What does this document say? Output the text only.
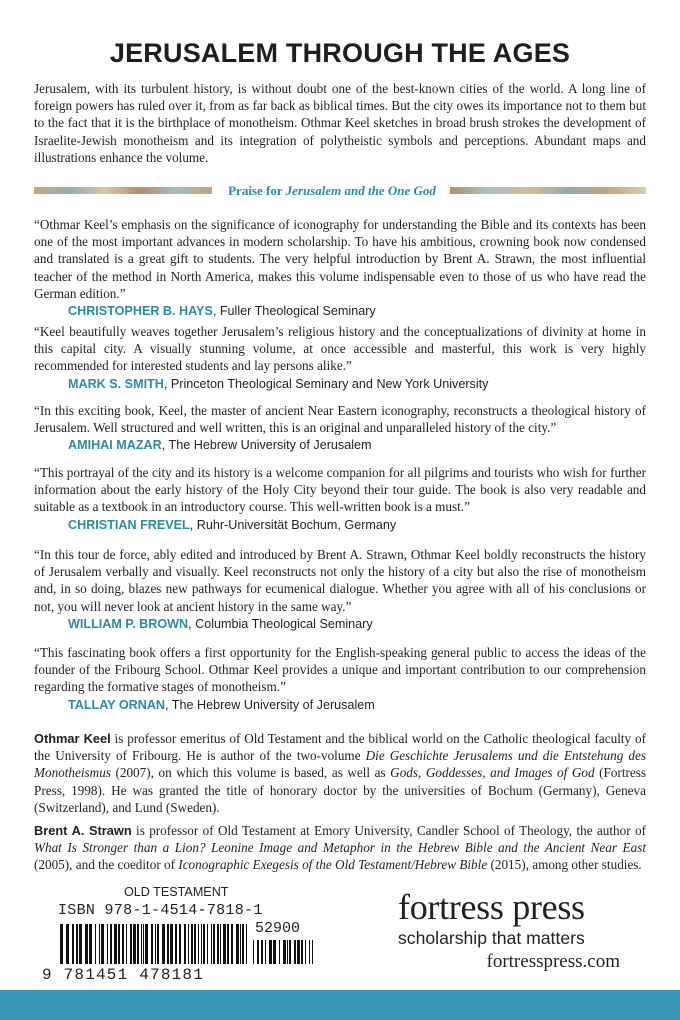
JERUSALEM THROUGH THE AGES
Jerusalem, with its turbulent history, is without doubt one of the best-known cities of the world. A long line of foreign powers has ruled over it, from as far back as biblical times. But the city owes its importance not to them but to the fact that it is the birthplace of monotheism. Othmar Keel sketches in broad brush strokes the development of Israelite-Jewish monotheism and its integration of polytheistic symbols and perceptions. Abundant maps and illustrations enhance the volume.
Praise for Jerusalem and the One God

“Othmar Keel’s emphasis on the significance of iconography for understanding the Bible and its contexts has been one of the most important advances in modern scholarship. To have his ambitious, crowning book now condensed and translated is a great gift to students. The very helpful introduction by Brent A. Strawn, the most influential teacher of the method in North America, makes this volume indispensable even to those of us who have read the German edition.”

CHRISTOPHER B. HAYS, Fuller Theological Seminary

“Keel beautifully weaves together Jerusalem’s religious history and the conceptualizations of divinity at home in this capital city. A visually stunning volume, at once accessible and masterful, this work is very highly recommended for interested students and lay persons alike.”

MARK S. SMITH, Princeton Theological Seminary and New York University

“In this exciting book, Keel, the master of ancient Near Eastern iconography, reconstructs a theological history of Jerusalem. Well structured and well written, this is an original and unparalleled history of the city.”

AMIHAI MAZAR, The Hebrew University of Jerusalem

“This portrayal of the city and its history is a welcome companion for all pilgrims and tourists who wish for further information about the early history of the Holy City beyond their tour guide. The book is also very readable and suitable as a textbook in an introductory course. This well-written book is a must.”

CHRISTIAN FREVEL, Ruhr-Universität Bochum, Germany

“In this tour de force, ably edited and introduced by Brent A. Strawn, Othmar Keel boldly reconstructs the history of Jerusalem verbally and visually. Keel reconstructs not only the history of a city but also the rise of monotheism and, in so doing, blazes new pathways for ecumenical dialogue. Whether you agree with all of his conclusions or not, you will never look at ancient history in the same way.”

WILLIAM P. BROWN, Columbia Theological Seminary

“This fascinating book offers a first opportunity for the English-speaking general public to access the ideas of the founder of the Fribourg School. Othmar Keel provides a unique and important contribution to our comprehension regarding the formative stages of monotheism.”

TALLAY ORNAN, The Hebrew University of Jerusalem
Othmar Keel is professor emeritus of Old Testament and the biblical world on the Catholic theological faculty of the University of Fribourg. He is author of the two-volume Die Geschichte Jerusalems und die Entstehung des Monotheismus (2007), on which this volume is based, as well as Gods, Goddesses, and Images of God (Fortress Press, 1998). He was granted the title of honorary doctor by the universities of Bochum (Germany), Geneva (Switzerland), and Lund (Sweden).
Brent A. Strawn is professor of Old Testament at Emory University, Candler School of Theology, the author of What Is Stronger than a Lion? Leonine Image and Metaphor in the Hebrew Bible and the Ancient Near East (2005), and the coeditor of Iconographic Exegesis of the Old Testament/Hebrew Bible (2015), among other studies.
OLD TESTAMENT
ISBN 978-1-4514-7818-1
52900
9 781451 478181
fortress press
scholarship that matters
fortresspress.com
